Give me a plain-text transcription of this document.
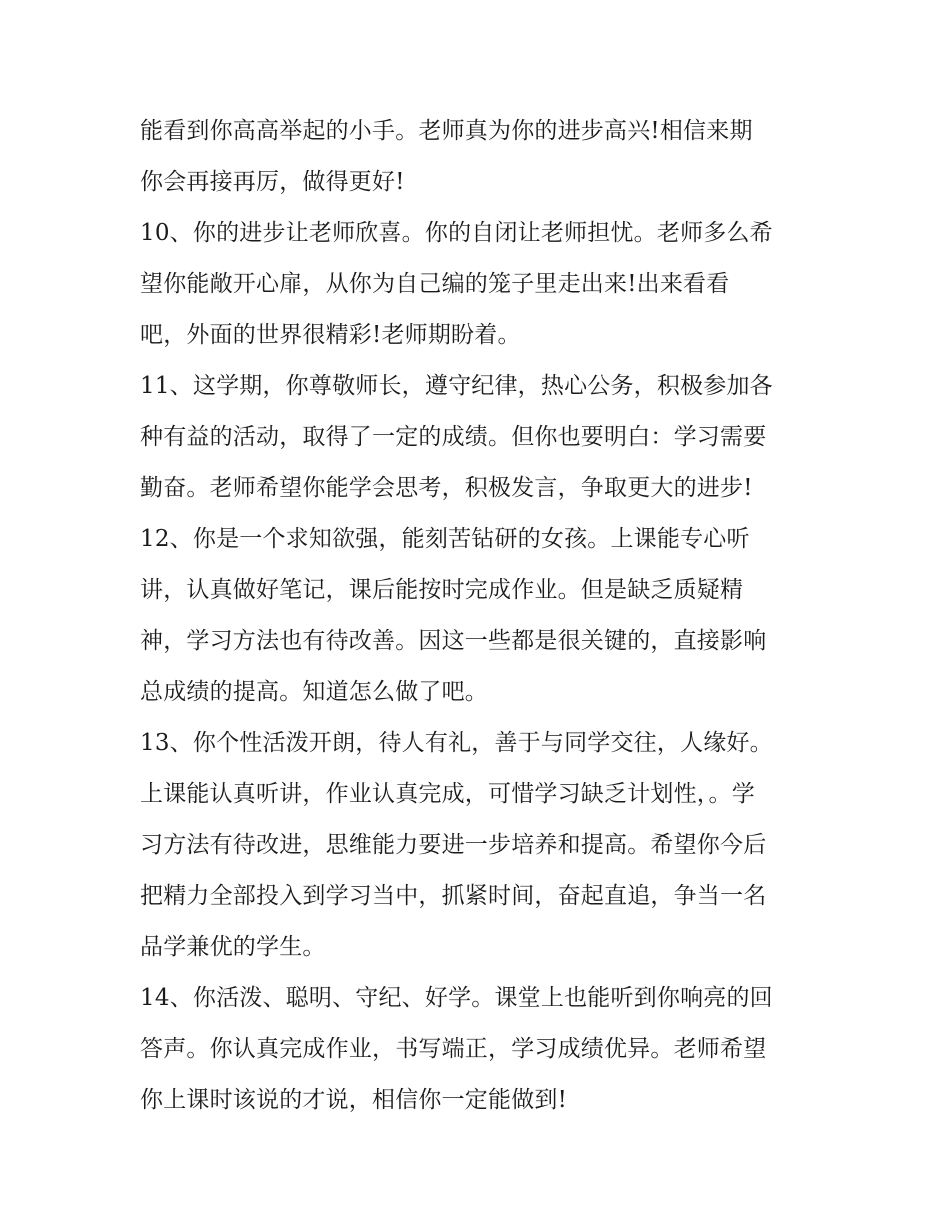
能看到你高高举起的小手。老师真为你的进步高兴!相信来期
你会再接再厉，做得更好!
10、你的进步让老师欣喜。你的自闭让老师担忧。老师多么希
望你能敞开心扉，从你为自己编的笼子里走出来!出来看看
吧，外面的世界很精彩!老师期盼着。
11、这学期，你尊敬师长，遵守纪律，热心公务，积极参加各
种有益的活动，取得了一定的成绩。但你也要明白：学习需要
勤奋。老师希望你能学会思考，积极发言，争取更大的进步!
12、你是一个求知欲强，能刻苦钻研的女孩。上课能专心听
讲，认真做好笔记，课后能按时完成作业。但是缺乏质疑精
神，学习方法也有待改善。因这一些都是很关键的，直接影响
总成绩的提高。知道怎么做了吧。
13、你个性活泼开朗，待人有礼，善于与同学交往，人缘好。
上课能认真听讲，作业认真完成，可惜学习缺乏计划性，。学
习方法有待改进，思维能力要进一步培养和提高。希望你今后
把精力全部投入到学习当中，抓紧时间，奋起直追，争当一名
品学兼优的学生。
14、你活泼、聪明、守纪、好学。课堂上也能听到你响亮的回
答声。你认真完成作业，书写端正，学习成绩优异。老师希望
你上课时该说的才说，相信你一定能做到!
